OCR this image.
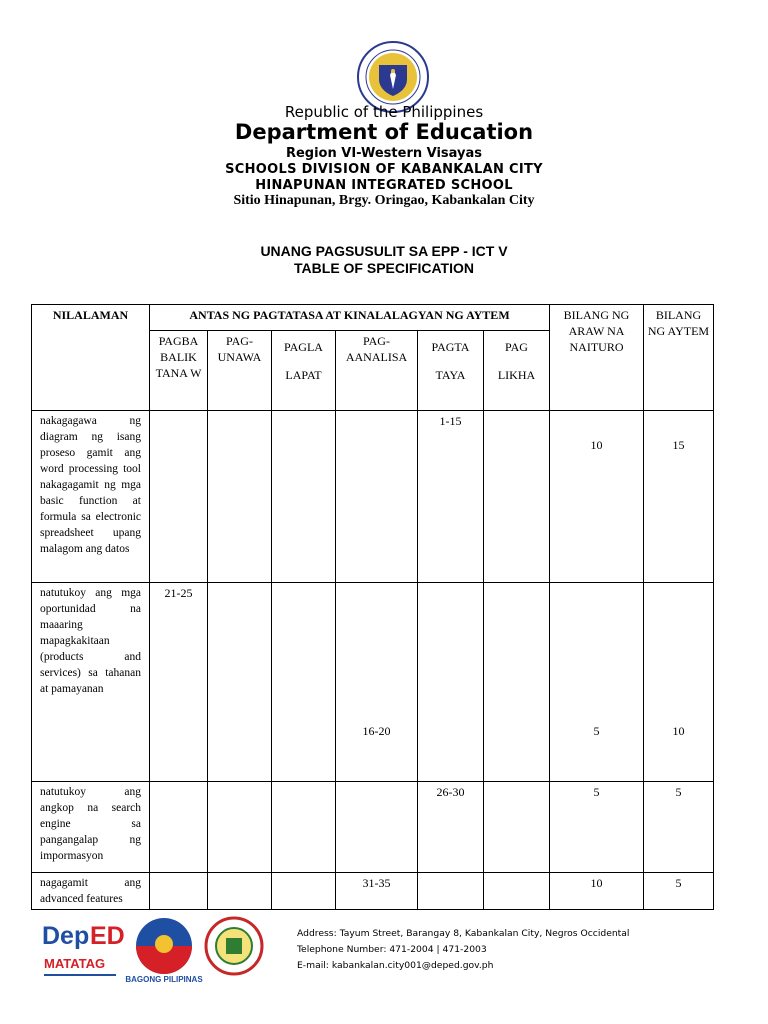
Republic of the Philippines
Department of Education
Region VI-Western Visayas
SCHOOLS DIVISION OF KABANKALAN CITY
HINAPUNAN INTEGRATED SCHOOL
Sitio Hinapunan, Brgy. Oringao, Kabankalan City
UNANG PAGSUSULIT SA EPP - ICT V
TABLE OF SPECIFICATION
NILALAMAN	ANTAS NG PAGTATASA AT KINALALAGYAN NG AYTEM						BILANG NG ARAW NA NAITURO	BILANG NG AYTEM
	PAGBA BALIK TANA W	PAG- UNAWA	PAGLA LAPAT	PAG- AANALISA	PAGTA TAYA	PAG LIKHA		
nakagagawa ng diagram ng isang proseso gamit ang word processing tool nakagagamit ng mga basic function at formula sa electronic spreadsheet upang malagom ang datos					1-15		10	15
natutukoy ang mga oportunidad na maaaring mapagkakitaan (products and services) sa tahanan at pamayanan	21-25			16-20			5	10
natutukoy ang angkop na search engine sa pangangalap ng impormasyon					26-30		5	5
nagagamit ang advanced features				31-35			10	5
Dep ED
MATATAG
BAGONG PILIPINAS
Address: Tayum Street, Barangay 8, Kabankalan City, Negros Occidental
Telephone Number: 471-2004 | 471-2003
E-mail: kabankalan.city001@deped.gov.ph
